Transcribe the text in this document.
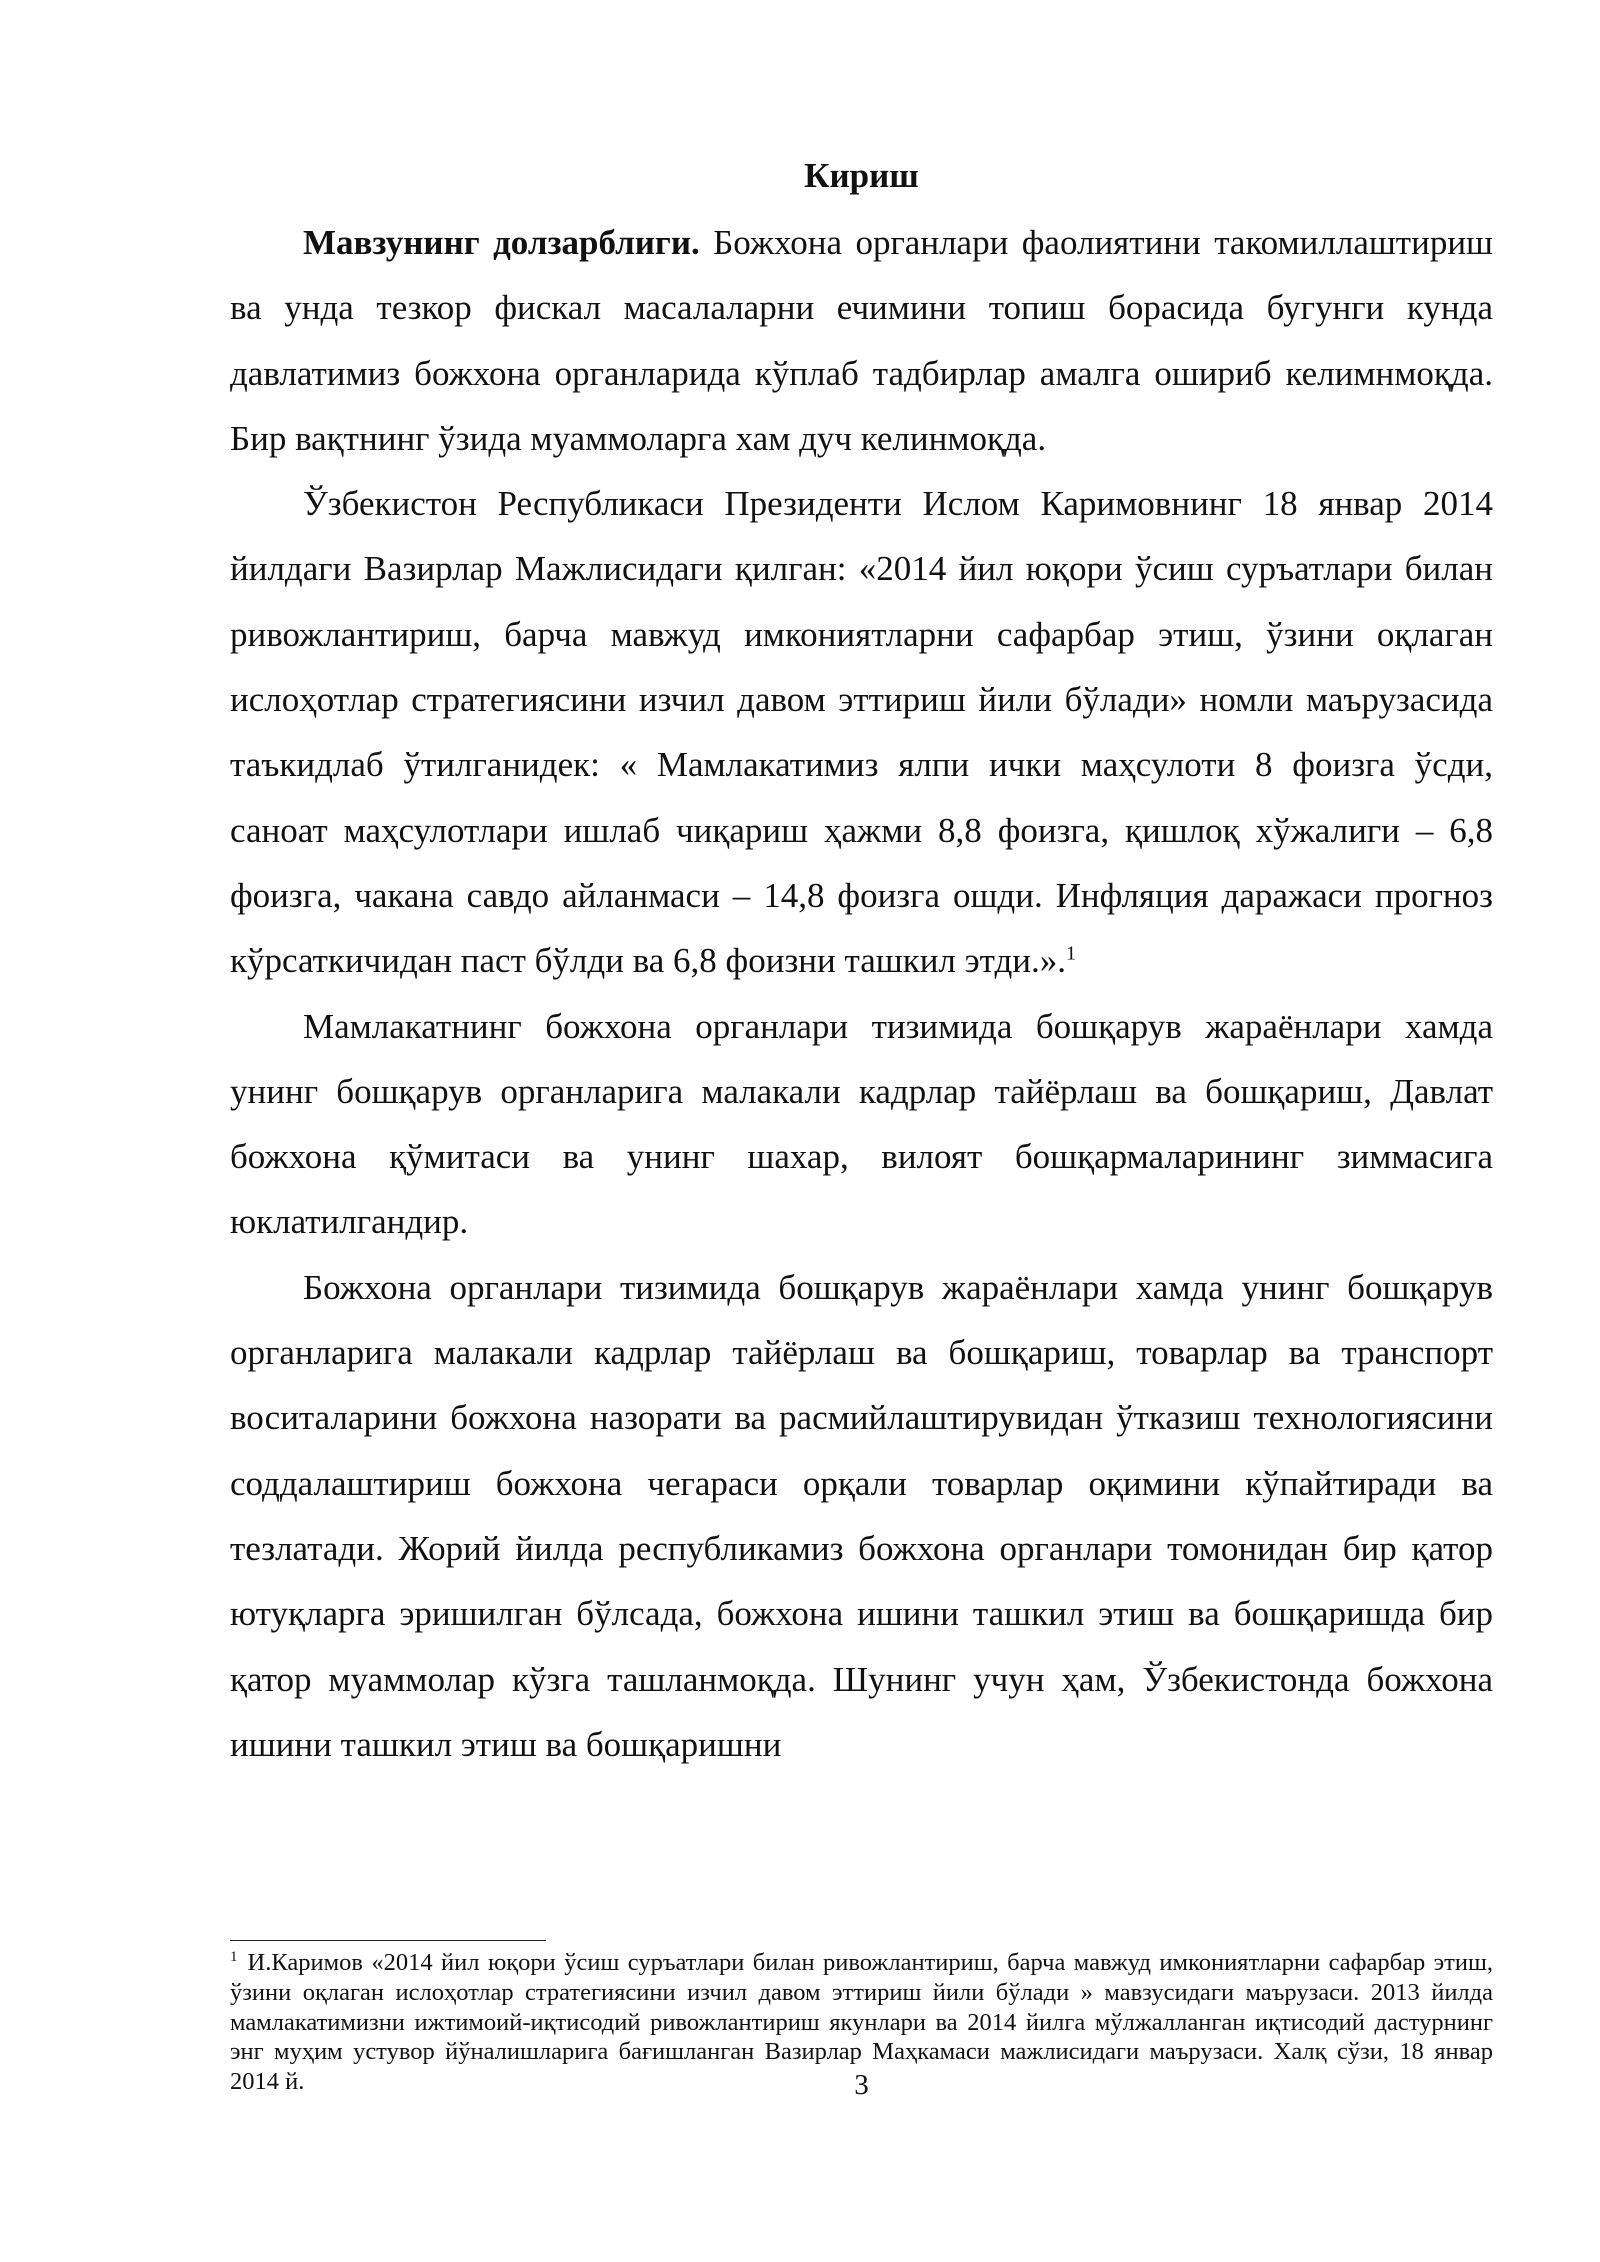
Кириш

Мавзунинг долзарблиги. Божхона органлари фаолиятини такомиллаштириш ва унда тезкор фискал масалаларни ечимини топиш борасида бугунги кунда давлатимиз божхона органларида кўплаб тадбирлар амалга ошириб келимнмоқда. Бир вақтнинг ўзида муаммоларга хам дуч келинмоқда.

Ўзбекистон Республикаси Президенти Ислом Каримовнинг 18 январ 2014 йилдаги Вазирлар Мажлисидаги қилган: «2014 йил юқори ўсиш суръатлари билан ривожлантириш, барча мавжуд имкониятларни сафарбар этиш, ўзини оқлаган ислоҳотлар стратегиясини изчил давом эттириш йили бўлади» номли маърузасида таъкидлаб ўтилганидек: « Мамлакатимиз ялпи ички маҳсулоти 8 фоизга ўсди, саноат маҳсулотлари ишлаб чиқариш ҳажми 8,8 фоизга, қишлоқ хўжалиги – 6,8 фоизга, чакана савдо айланмаси – 14,8 фоизга ошди. Инфляция даражаси прогноз кўрсаткичидан паст бўлди ва 6,8 фоизни ташкил этди.».$^1$

Мамлакатнинг божхона органлари тизимида бошқарув жараёнлари хамда унинг бошқарув органларига малакали кадрлар тайёрлаш ва бошқариш, Давлат божхона қўмитаси ва унинг шахар, вилоят бошқармаларининг зиммасига юклатилгандир.

Божхона органлари тизимида бошқарув жараёнлари хамда унинг бошқарув органларига малакали кадрлар тайёрлаш ва бошқариш, товарлар ва транспорт воситаларини божхона назорати ва расмийлаштирувидан ўтказиш технологиясини соддалаштириш божхона чегараси орқали товарлар оқимини кўпайтиради ва тезлатади. Жорий йилда республикамиз божхона органлари томонидан бир қатор ютуқларга эришилган бўлсада, божхона ишини ташкил этиш ва бошқаришда бир қатор муаммолар кўзга ташланмоқда. Шунинг учун ҳам, Ўзбекистонда божхона ишини ташкил этиш ва бошқаришни

$^1$ И.Каримов «2014 йил юқори ўсиш суръатлари билан ривожлантириш, барча мавжуд имкониятларни сафарбар этиш, ўзини оқлаган ислоҳотлар стратегиясини изчил давом эттириш йили бўлади » мавзусидаги маърузаси. 2013 йилда мамлакатимизни ижтимоий-иқтисодий ривожлантириш якунлари ва 2014 йилга мўлжалланган иқтисодий дастурнинг энг муҳим устувор йўналишларига бағишланган Вазирлар Маҳкамаси мажлисидаги маърузаси. Халқ сўзи, 18 январ 2014 й.	3
